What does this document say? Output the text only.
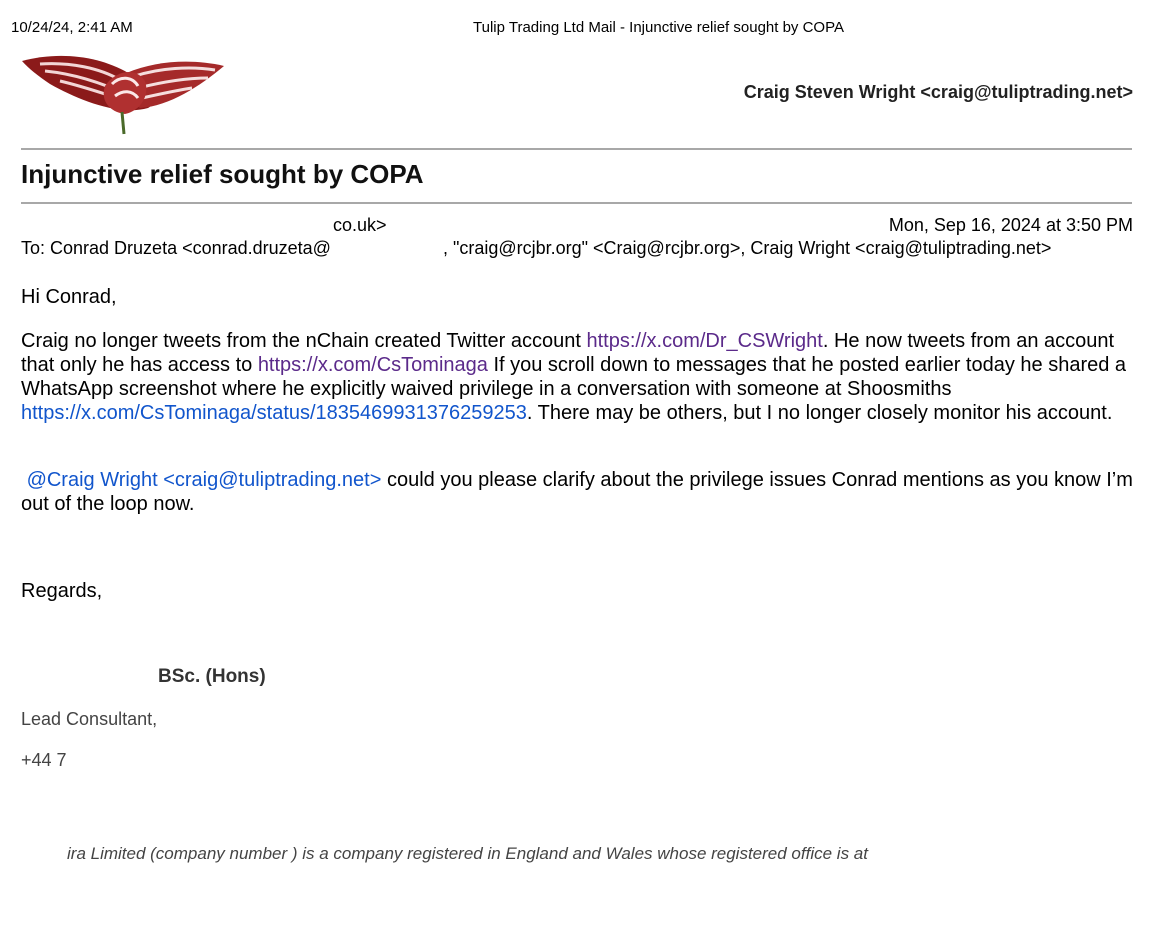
10/24/24, 2:41 AM	Tulip Trading Ltd Mail - Injunctive relief sought by COPA
Craig Steven Wright <craig@tuliptrading.net>
Injunctive relief sought by COPA
co.uk>	Mon, Sep 16, 2024 at 3:50 PM
To: Conrad Druzeta <conrad.druzeta@	, "craig@rcjbr.org" <Craig@rcjbr.org>, Craig Wright <craig@tuliptrading.net>
Hi Conrad,

Craig no longer tweets from the nChain created Twitter account https://x.com/Dr_CSWright. He now tweets from an account that only he has access to https://x.com/CsTominaga If you scroll down to messages that he posted earlier today he shared a WhatsApp screenshot where he explicitly waived privilege in a conversation with someone at Shoosmiths https://x.com/CsTominaga/status/1835469931376259253. There may be others, but I no longer closely monitor his account.

@Craig Wright <craig@tuliptrading.net> could you please clarify about the privilege issues Conrad mentions as you know I’m out of the loop now.

Regards,
BSc. (Hons)
Lead Consultant,
+44 7
ira Limited (company number ) is a company registered in England and Wales whose registered office is at
